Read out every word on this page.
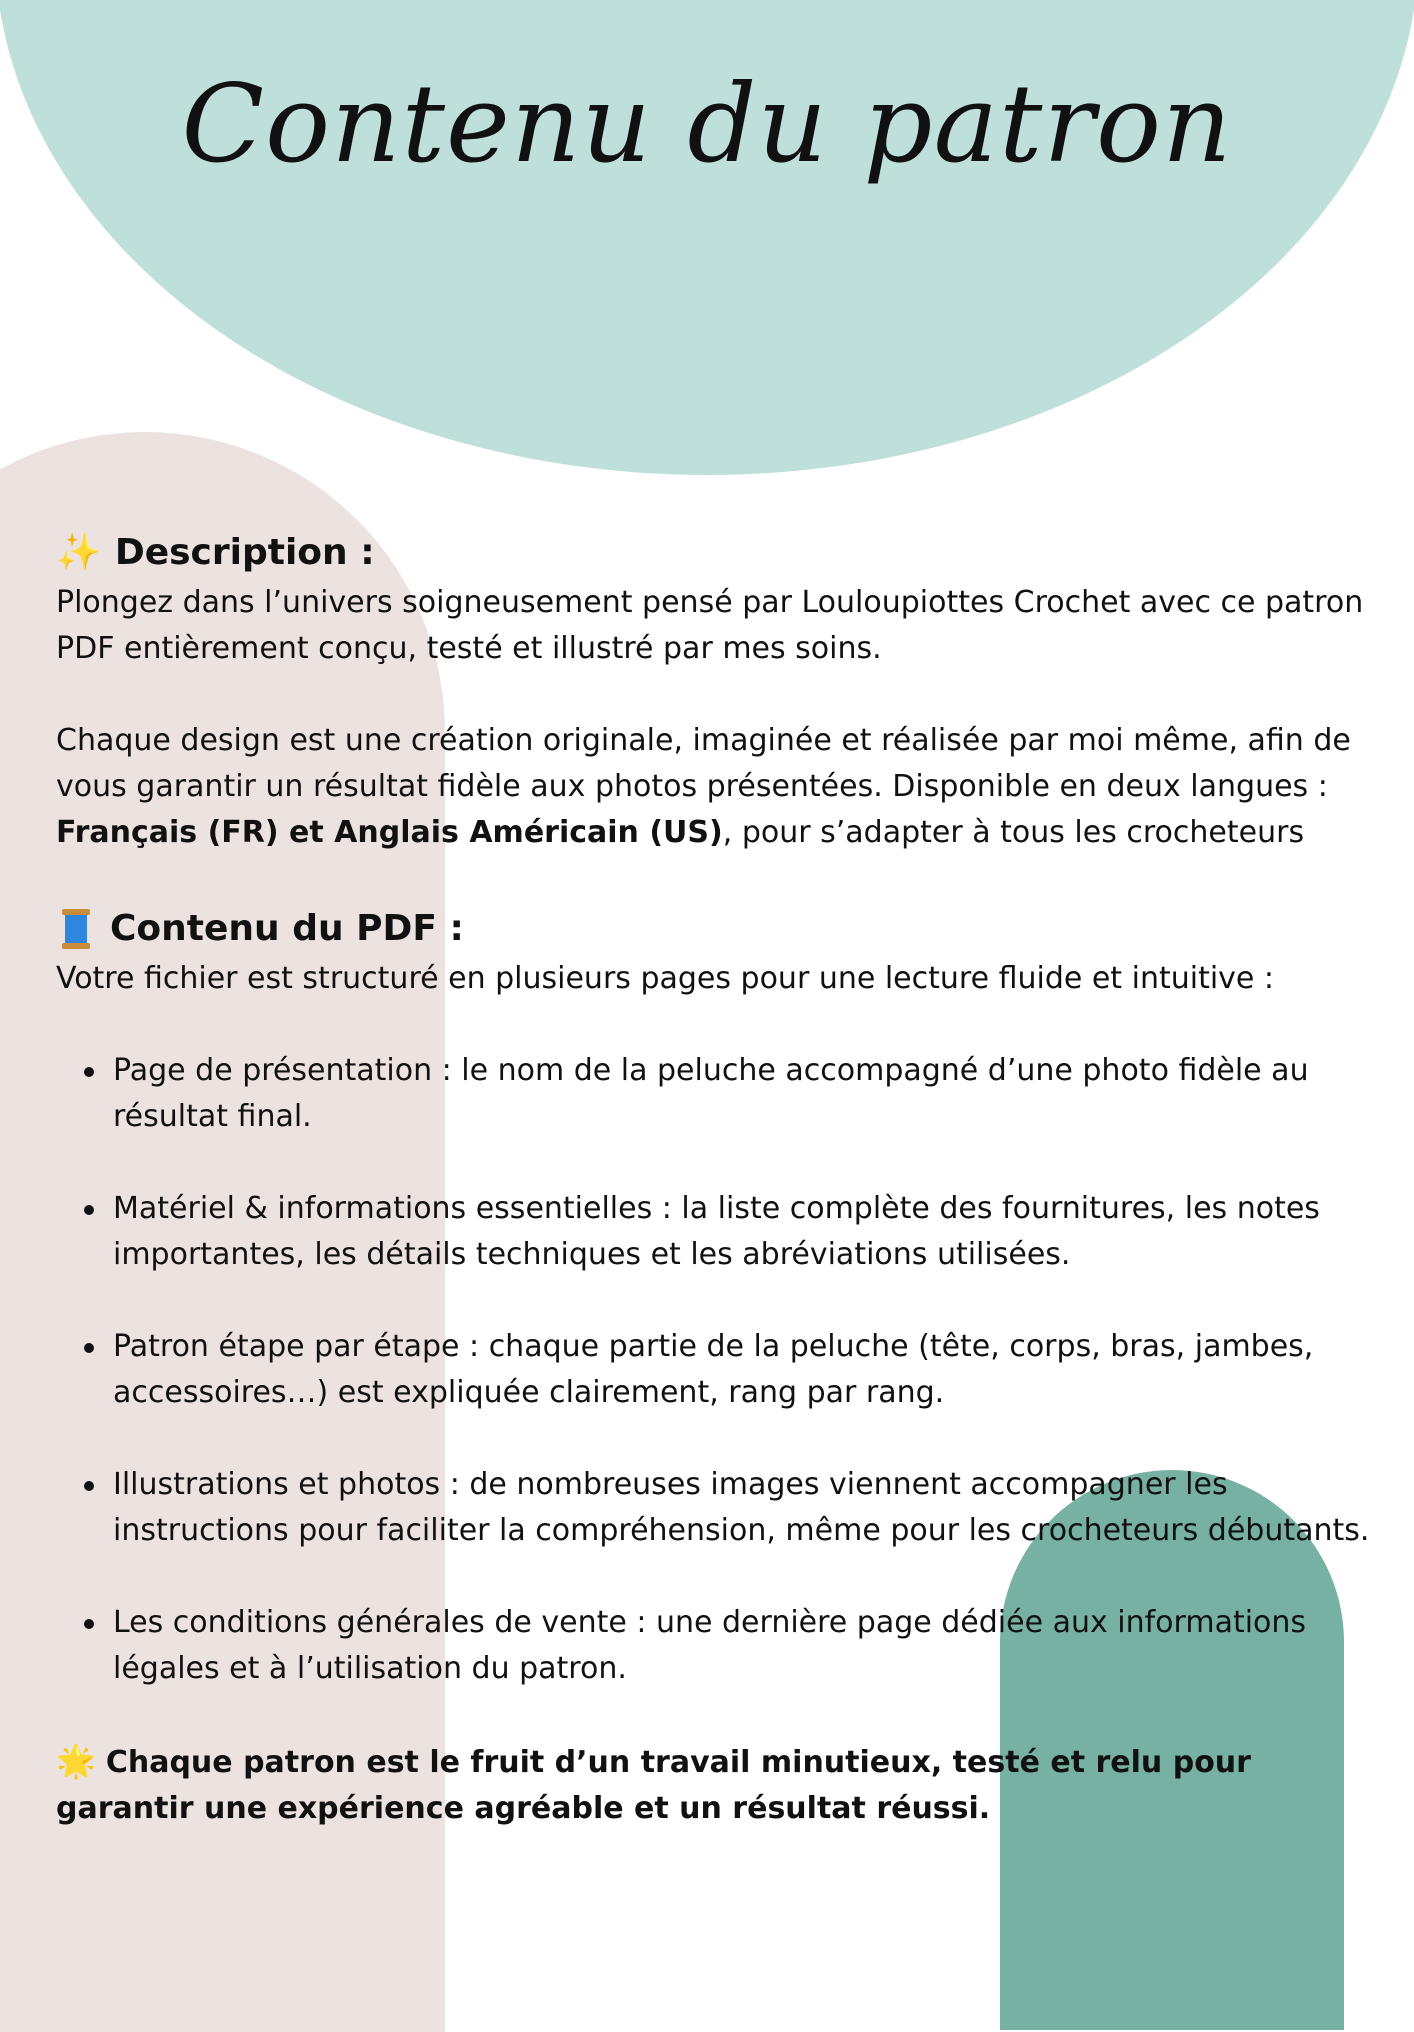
Contenu du patron
✨ Description :

Plongez dans l’univers soigneusement pensé par Louloupiottes Crochet avec ce patron PDF entièrement conçu, testé et illustré par mes soins.

Chaque design est une création originale, imaginée et réalisée par moi même, afin de vous garantir un résultat fidèle aux photos présentées. Disponible en deux langues : Français (FR) et Anglais Américain (US), pour s’adapter à tous les crocheteurs

Contenu du PDF :

Votre fichier est structuré en plusieurs pages pour une lecture fluide et intuitive :

Page de présentation : le nom de la peluche accompagné d’une photo fidèle au résultat final.
Matériel & informations essentielles : la liste complète des fournitures, les notes importantes, les détails techniques et les abréviations utilisées.
Patron étape par étape : chaque partie de la peluche (tête, corps, bras, jambes, accessoires…) est expliquée clairement, rang par rang.
Illustrations et photos : de nombreuses images viennent accompagner les instructions pour faciliter la compréhension, même pour les crocheteurs débutants.
Les conditions générales de vente : une dernière page dédiée aux informations légales et à l’utilisation du patron.

🌟 Chaque patron est le fruit d’un travail minutieux, testé et relu pour garantir une expérience agréable et un résultat réussi.
